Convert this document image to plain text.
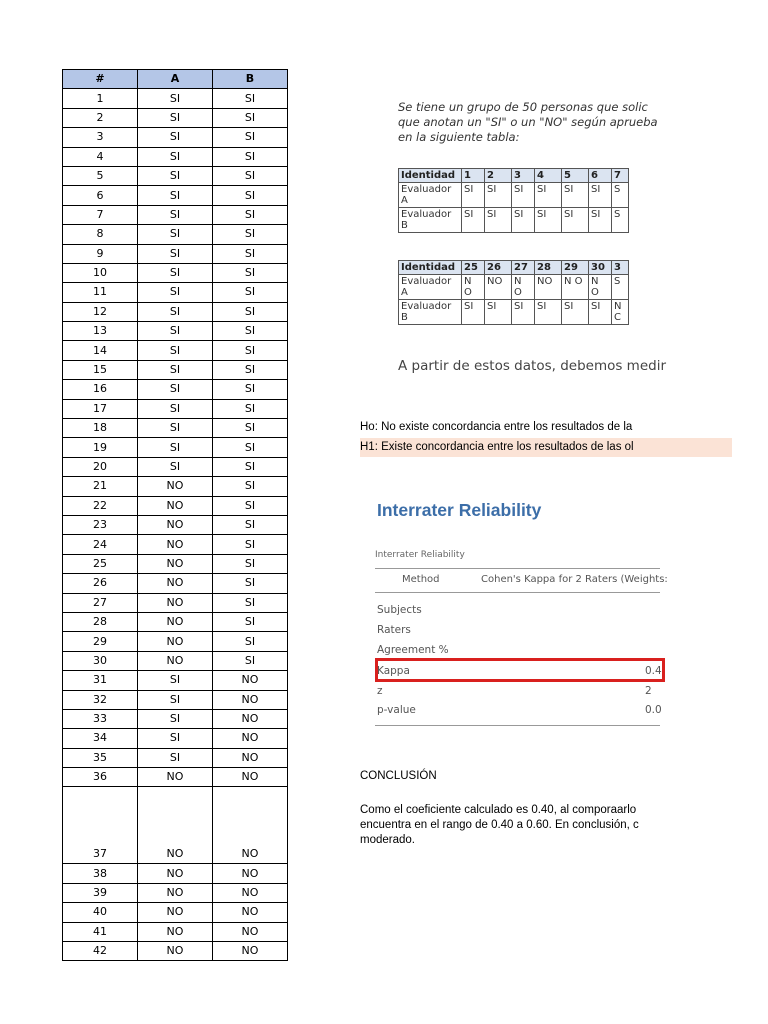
#	A	B
1	SI	SI
2	SI	SI
3	SI	SI
4	SI	SI
5	SI	SI
6	SI	SI
7	SI	SI
8	SI	SI
9	SI	SI
10	SI	SI
11	SI	SI
12	SI	SI
13	SI	SI
14	SI	SI
15	SI	SI
16	SI	SI
17	SI	SI
18	SI	SI
19	SI	SI
20	SI	SI
21	NO	SI
22	NO	SI
23	NO	SI
24	NO	SI
25	NO	SI
26	NO	SI
27	NO	SI
28	NO	SI
29	NO	SI
30	NO	SI
31	SI	NO
32	SI	NO
33	SI	NO
34	SI	NO
35	SI	NO
36	NO	NO
37	NO	NO
38	NO	NO
39	NO	NO
40	NO	NO
41	NO	NO
42	NO	NO
Se tiene un grupo de 50 personas que solic
que anotan un "SI" o un "NO" según aprueba
en la siguiente tabla:
Identidad	1	2	3	4	5	6	7
Evaluador A	SI	SI	SI	SI	SI	SI	S
Evaluador B	SI	SI	SI	SI	SI	SI	S
Identidad	25	26	27	28	29	30	3
Evaluador A	N O	NO	N O	NO	N O	N O	S
Evaluador B	SI	SI	SI	SI	SI	SI	N C
A partir de estos datos, debemos medir
Ho: No existe concordancia entre los resultados de la
H1: Existe concordancia entre los resultados de las ol
Interrater Reliability
Interrater Reliability
Method	Cohen's Kappa for 2 Raters (Weights:
Subjects
Raters
Agreement %
Kappa	0.4
z	2
p-value	0.0
CONCLUSIÓN
Como el coeficiente calculado es 0.40, al comporaarlo
encuentra en el rango de 0.40 a 0.60. En conclusión, c
moderado.
